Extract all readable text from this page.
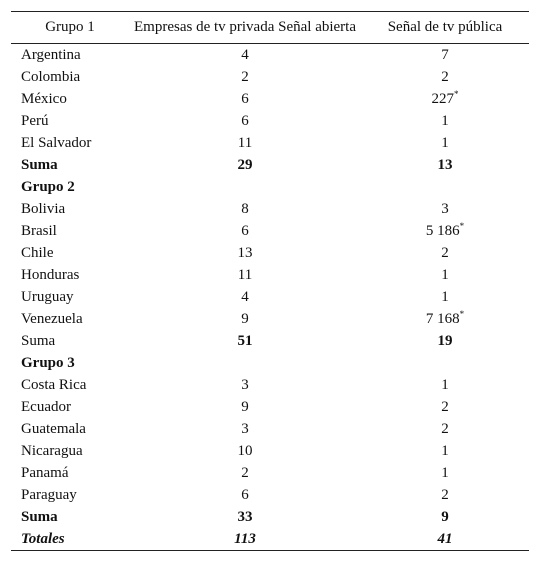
Grupo 1	Empresas de tv privada Señal abierta	Señal de tv pública
Argentina	4	7
Colombia	2	2
México	6	227*
Perú	6	1
El Salvador	11	1
Suma	29	13
Grupo 2		
Bolivia	8	3
Brasil	6	5 186*
Chile	13	2
Honduras	11	1
Uruguay	4	1
Venezuela	9	7 168*
Suma	51	19
Grupo 3		
Costa Rica	3	1
Ecuador	9	2
Guatemala	3	2
Nicaragua	10	1
Panamá	2	1
Paraguay	6	2
Suma	33	9
Totales	113	41
